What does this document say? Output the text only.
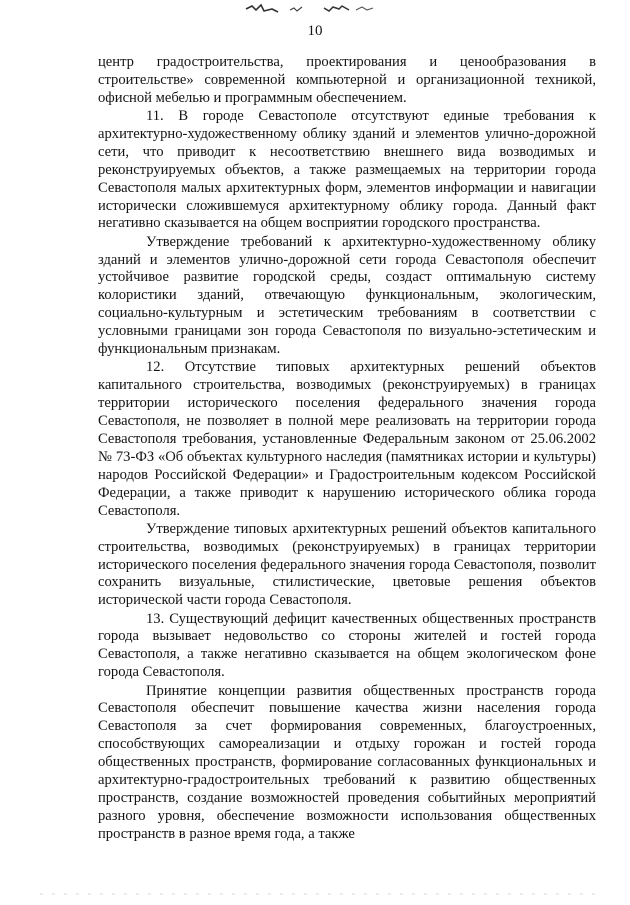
10

центр градостроительства, проектирования и ценообразования в строительстве» современной компьютерной и организационной техникой, офисной мебелью и программным обеспечением.

11. В городе Севастополе отсутствуют единые требования к архитектурно-художественному облику зданий и элементов улично-дорожной сети, что приводит к несоответствию внешнего вида возводимых и реконструируемых объектов, а также размещаемых на территории города Севастополя малых архитектурных форм, элементов информации и навигации исторически сложившемуся архитектурному облику города. Данный факт негативно сказывается на общем восприятии городского пространства.

Утверждение требований к архитектурно-художественному облику зданий и элементов улично-дорожной сети города Севастополя обеспечит устойчивое развитие городской среды, создаст оптимальную систему колористики зданий, отвечающую функциональным, экологическим, социально-культурным и эстетическим требованиям в соответствии с условными границами зон города Севастополя по визуально-эстетическим и функциональным признакам.

12. Отсутствие типовых архитектурных решений объектов капитального строительства, возводимых (реконструируемых) в границах территории исторического поселения федерального значения города Севастополя, не позволяет в полной мере реализовать на территории города Севастополя требования, установленные Федеральным законом от 25.06.2002 № 73-ФЗ «Об объектах культурного наследия (памятниках истории и культуры) народов Российской Федерации» и Градостроительным кодексом Российской Федерации, а также приводит к нарушению исторического облика города Севастополя.

Утверждение типовых архитектурных решений объектов капитального строительства, возводимых (реконструируемых) в границах территории исторического поселения федерального значения города Севастополя, позволит сохранить визуальные, стилистические, цветовые решения объектов исторической части города Севастополя.

13. Существующий дефицит качественных общественных пространств города вызывает недовольство со стороны жителей и гостей города Севастополя, а также негативно сказывается на общем экологическом фоне города Севастополя.

Принятие концепции развития общественных пространств города Севастополя обеспечит повышение качества жизни населения города Севастополя за счет формирования современных, благоустроенных, способствующих самореализации и отдыху горожан и гостей города общественных пространств, формирование согласованных функциональных и архитектурно-градостроительных требований к развитию общественных пространств, создание возможностей проведения событийных мероприятий разного уровня, обеспечение возможности использования общественных пространств в разное время года, а также
